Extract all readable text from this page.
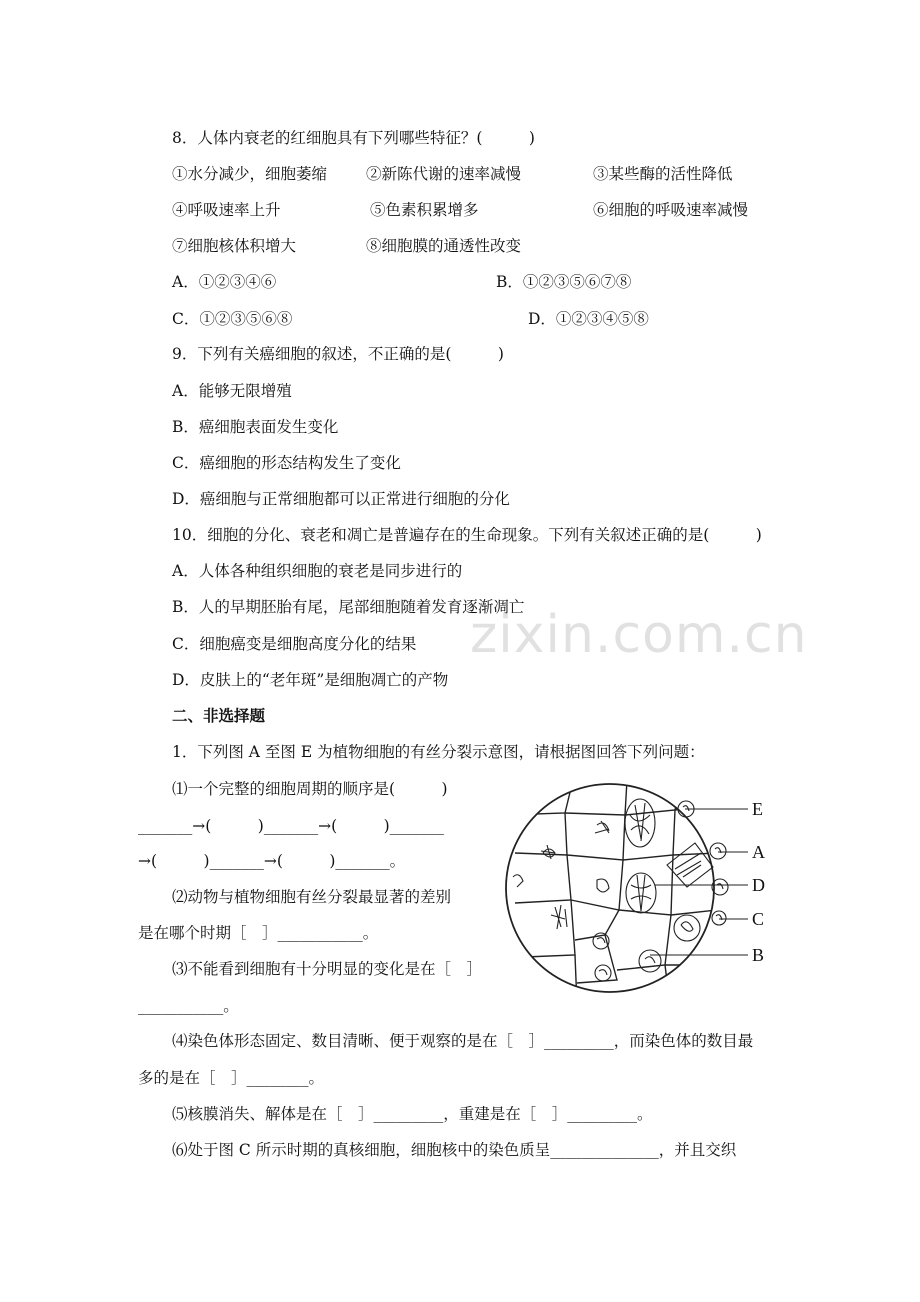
8．人体内衰老的红细胞具有下列哪些特征？(　　　)
①水分减少，细胞萎缩	②新陈代谢的速率减慢	③某些酶的活性降低
④呼吸速率上升	⑤色素积累增多	⑥细胞的呼吸速率减慢
⑦细胞核体积增大	⑧细胞膜的通透性改变
A．①②③④⑥	B．①②③⑤⑥⑦⑧
C．①②③⑤⑥⑧	D．①②③④⑤⑧
9．下列有关癌细胞的叙述，不正确的是(　　　)
A．能够无限增殖
B．癌细胞表面发生变化
C．癌细胞的形态结构发生了变化
D．癌细胞与正常细胞都可以正常进行细胞的分化
10．细胞的分化、衰老和凋亡是普遍存在的生命现象。下列有关叙述正确的是(　　　)
A．人体各种组织细胞的衰老是同步进行的
B．人的早期胚胎有尾，尾部细胞随着发育逐渐凋亡
C．细胞癌变是细胞高度分化的结果
D．皮肤上的“老年斑”是细胞凋亡的产物
zixin.com.cn
二、非选择题
1．下列图 A 至图 E 为植物细胞的有丝分裂示意图，请根据图回答下列问题：
⑴一个完整的细胞周期的顺序是(　　　)
_______→(　　　)_______→(　　　)_______
→(　　　)_______→(　　　)_______。
⑵动物与植物细胞有丝分裂最显著的差别
是在哪个时期［　］___________。
⑶不能看到细胞有十分明显的变化是在［　］
___________。
⑷染色体形态固定、数目清晰、便于观察的是在［　］_________，而染色体的数目最
多的是在［　］________。
⑸核膜消失、解体是在［　］_________，重建是在［　］_________。
⑹处于图 C 所示时期的真核细胞，细胞核中的染色质呈______________，并且交织
E
A
D
C
B
